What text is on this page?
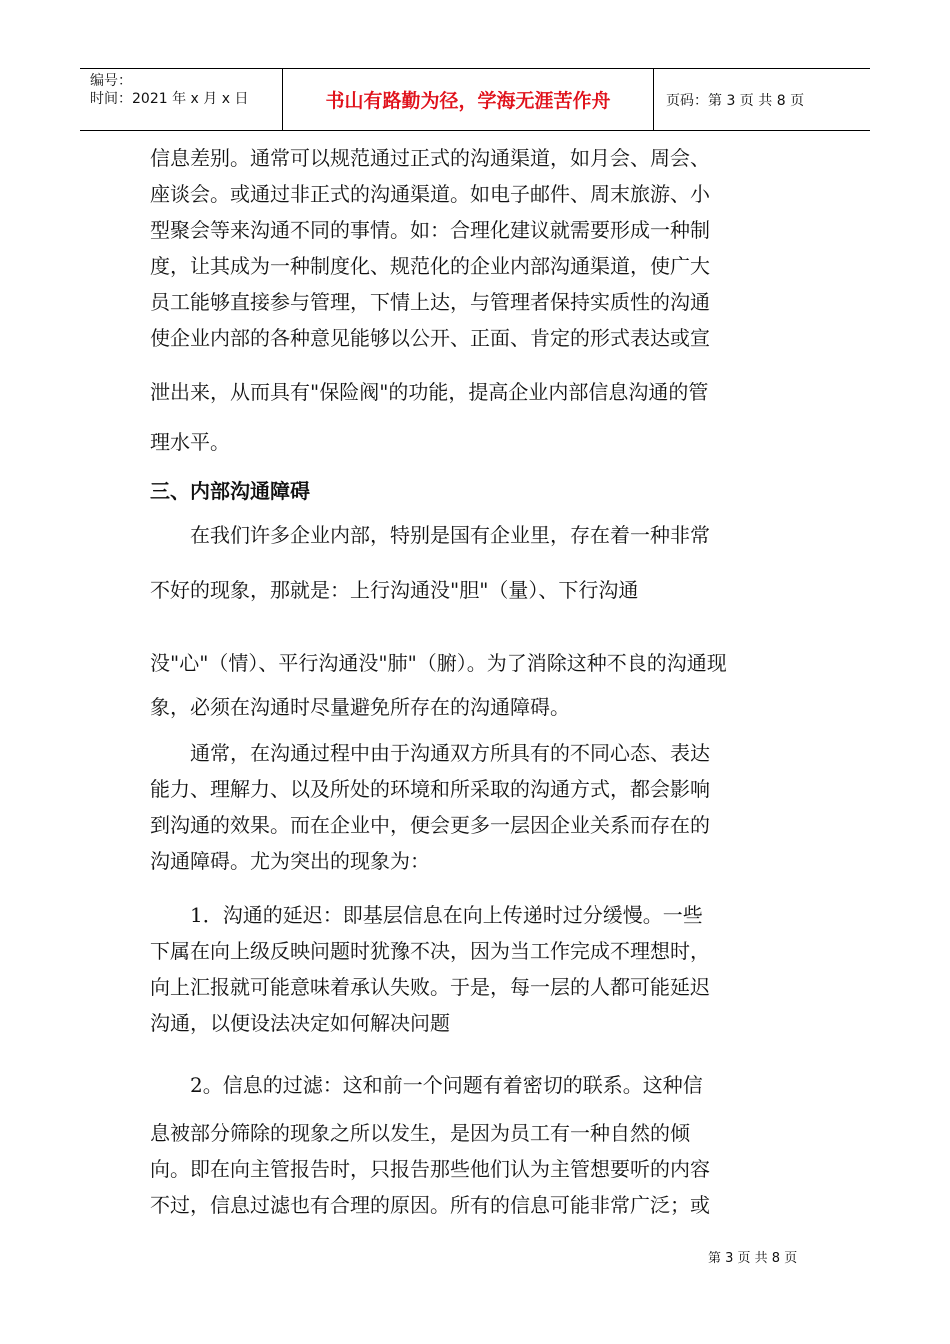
编号：
时间：2021 年 x 月 x 日	书山有路勤为径，学海无涯苦作舟	页码：第 3 页 共 8 页
信息差别。通常可以规范通过正式的沟通渠道，如月会、周会、
座谈会。或通过非正式的沟通渠道。如电子邮件、周末旅游、小
型聚会等来沟通不同的事情。如：合理化建议就需要形成一种制
度，让其成为一种制度化、规范化的企业内部沟通渠道，使广大
员工能够直接参与管理，下情上达，与管理者保持实质性的沟通
使企业内部的各种意见能够以公开、正面、肯定的形式表达或宣
泄出来，从而具有"保险阀"的功能，提高企业内部信息沟通的管
理水平。
三、内部沟通障碍
　　在我们许多企业内部，特别是国有企业里，存在着一种非常
不好的现象，那就是：上行沟通没"胆"（量）、下行沟通
没"心"（情）、平行沟通没"肺"（腑）。为了消除这种不良的沟通现
象，必须在沟通时尽量避免所存在的沟通障碍。
　　通常，在沟通过程中由于沟通双方所具有的不同心态、表达
能力、理解力、以及所处的环境和所采取的沟通方式，都会影响
到沟通的效果。而在企业中，便会更多一层因企业关系而存在的
沟通障碍。尤为突出的现象为：
　　1．沟通的延迟：即基层信息在向上传递时过分缓慢。一些
下属在向上级反映问题时犹豫不决，因为当工作完成不理想时，
向上汇报就可能意味着承认失败。于是，每一层的人都可能延迟
沟通，以便设法决定如何解决问题
　　2。信息的过滤：这和前一个问题有着密切的联系。这种信
息被部分筛除的现象之所以发生，是因为员工有一种自然的倾
向。即在向主管报告时，只报告那些他们认为主管想要听的内容
不过，信息过滤也有合理的原因。所有的信息可能非常广泛；或
第 3 页 共 8 页
